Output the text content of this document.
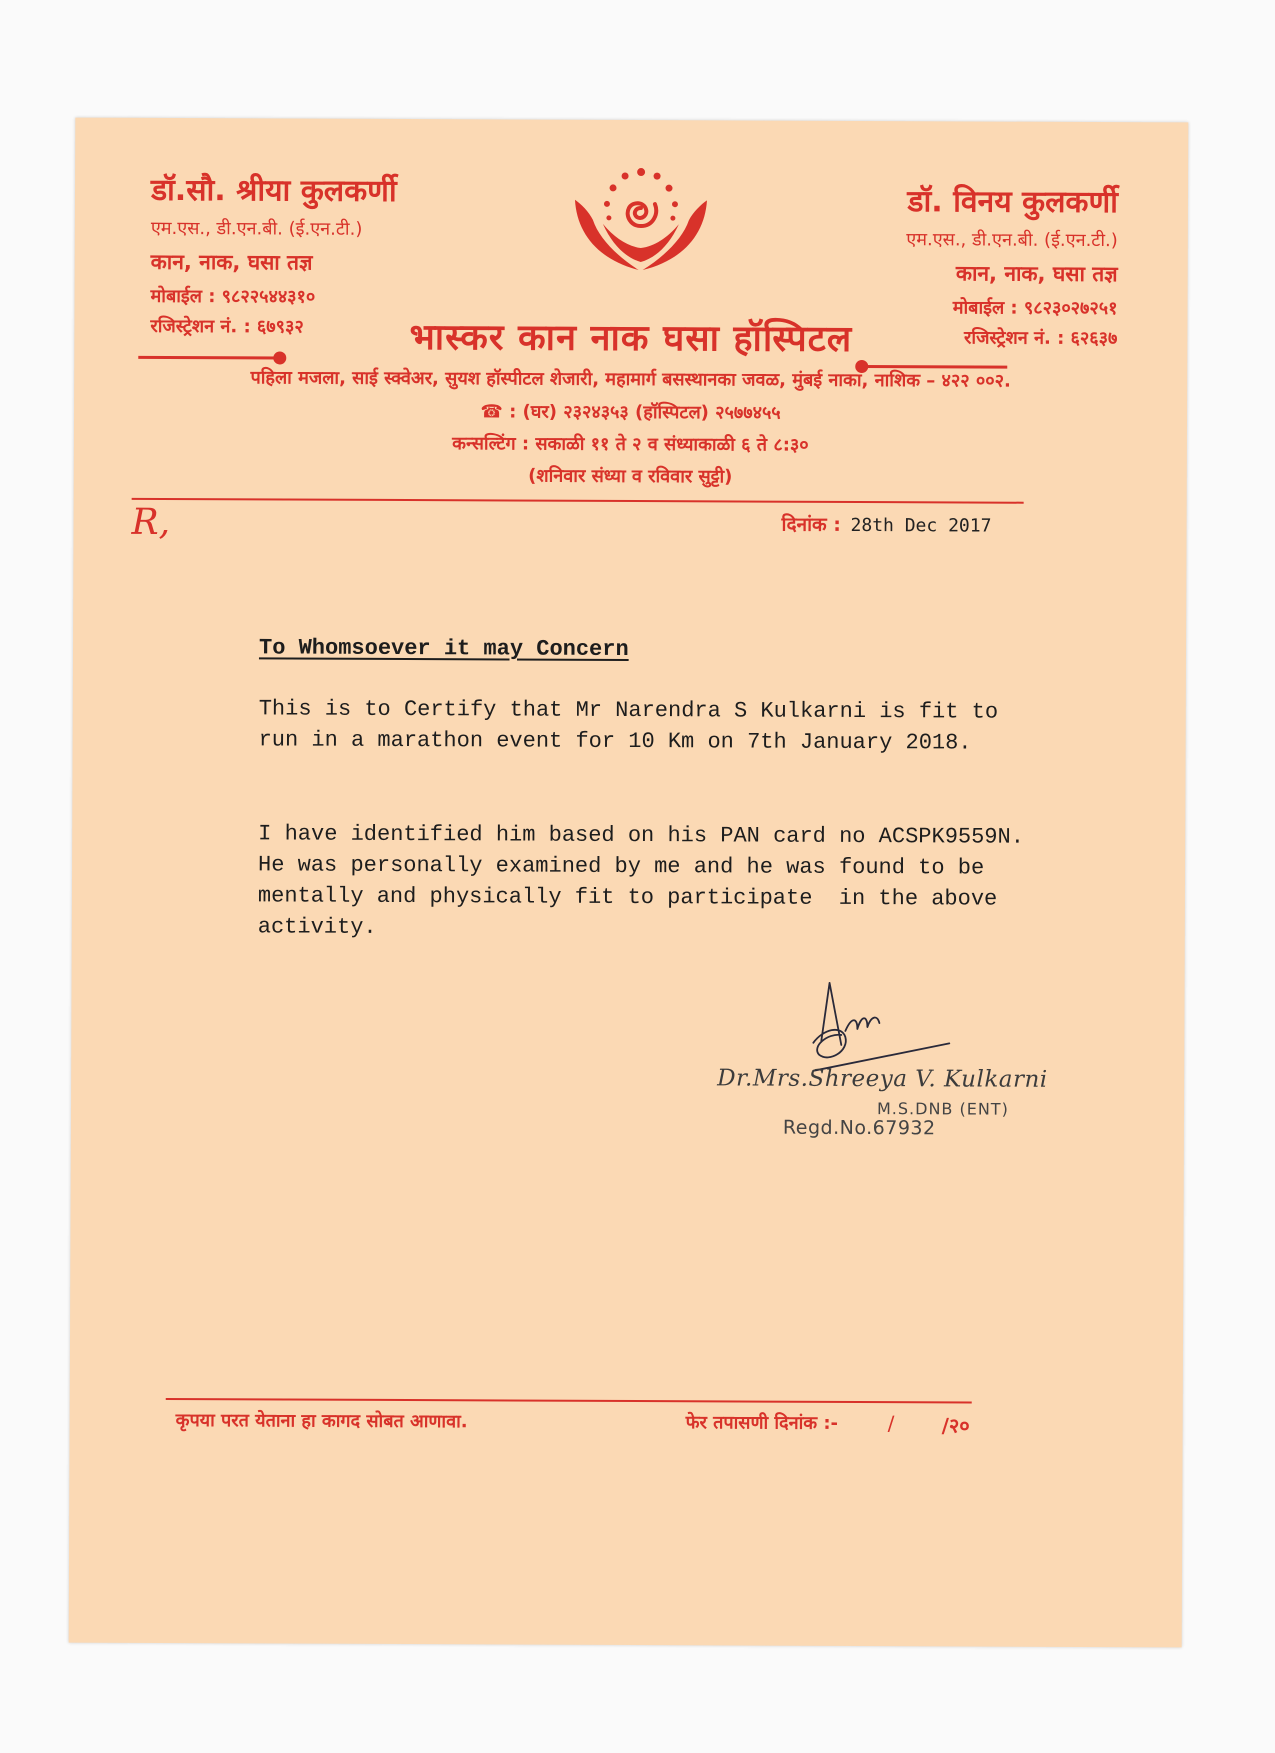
डॉ.सौ. श्रीया कुलकर्णी
एम.एस., डी.एन.बी. (ई.एन.टी.)
कान, नाक, घसा तज्ञ
मोबाईल : ९८२२५४४३१०
रजिस्ट्रेशन नं. : ६७९३२
डॉ. विनय कुलकर्णी
एम.एस., डी.एन.बी. (ई.एन.टी.)
कान, नाक, घसा तज्ञ
मोबाईल : ९८२३०२७२५१
रजिस्ट्रेशन नं. : ६२६३७
भास्कर कान नाक घसा हॉस्पिटल
पहिला मजला, साई स्क्वेअर, सुयश हॉस्पीटल शेजारी, महामार्ग बसस्थानका जवळ, मुंबई नाका, नाशिक – ४२२ ००२.
☎ : (घर) २३२४३५३ (हॉस्पिटल) २५७७४५५
कन्सल्टिंग : सकाळी ११ ते २ व संध्याकाळी ६ ते ८:३०
(शनिवार संध्या व रविवार सुट्टी)
R,	दिनांक : 28th Dec 2017
To Whomsoever it may Concern
This is to Certify that Mr Narendra S Kulkarni is fit to run in a marathon event for 10 Km on 7th January 2018.
I have identified him based on his PAN card no ACSPK9559N. He was personally examined by me and he was found to be mentally and physically fit to participate  in the above  activity.
Dr.Mrs.Shreeya V. Kulkarni
M.S.DNB (ENT)
Regd.No.67932
कृपया परत येताना हा कागद सोबत आणावा.	फेर तपासणी दिनांक :- / /२०
